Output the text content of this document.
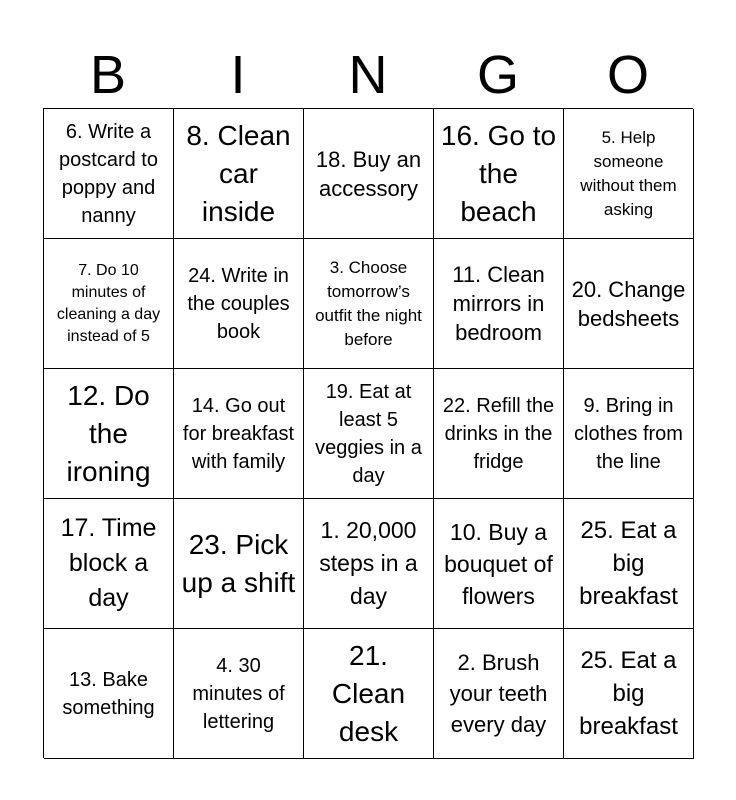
B	I	N	G	O
6. Write a postcard to poppy and nanny
8. Clean car inside
18. Buy an accessory
16. Go to the beach
5. Help someone without them asking
7. Do 10 minutes of cleaning a day instead of 5
24. Write in the couples book
3. Choose tomorrow’s outfit the night before
11. Clean mirrors in bedroom
20. Change bedsheets
12. Do the ironing
14. Go out for breakfast with family
19. Eat at least 5 veggies in a day
22. Refill the drinks in the fridge
9. Bring in clothes from the line
17. Time block a day
23. Pick up a shift
1. 20,000 steps in a day
10. Buy a bouquet of flowers
25. Eat a big breakfast
13. Bake something
4. 30 minutes of lettering
21. Clean desk
2. Brush your teeth every day
25. Eat a big breakfast
